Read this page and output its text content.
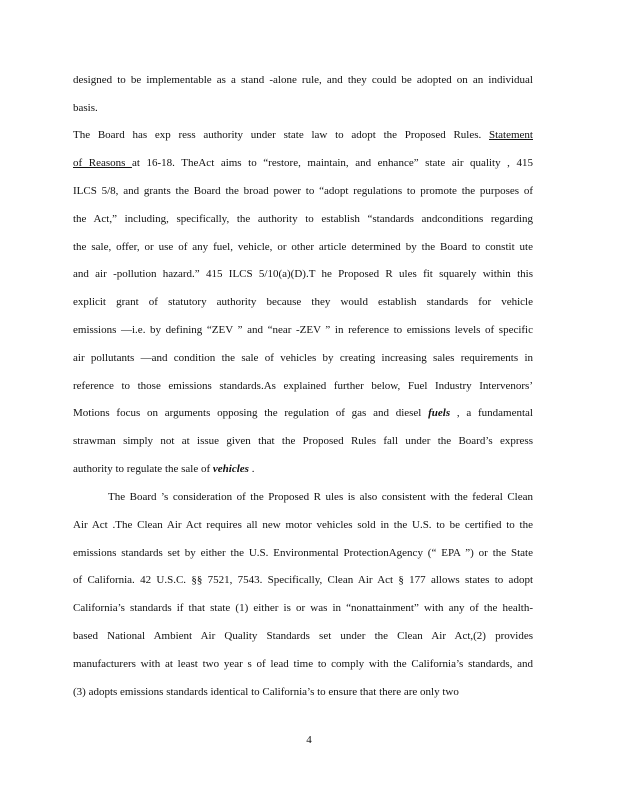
designed to be implementable as a stand -alone rule, and they could be adopted on an individual
basis.
The Board has exp ress authority under state law to adopt the Proposed Rules. Statement
of Reasons at 16-18. TheAct aims to “restore, maintain, and enhance” state air quality , 415
ILCS 5/8, and grants the Board the broad power to “adopt regulations to promote the purposes of
the Act,” including, specifically, the authority to establish “standards andconditions regarding
the sale, offer, or use of any fuel, vehicle, or other article determined by the Board to constit ute
and air -pollution hazard.” 415 ILCS 5/10(a)(D).T he Proposed R ules fit squarely within this
explicit grant of statutory authority because they would establish standards for vehicle
emissions —i.e. by defining “ZEV ” and “near -ZEV ” in reference to emissions levels of specific
air pollutants —and condition the sale of vehicles by creating increasing sales requirements in
reference to those emissions standards.As explained further below, Fuel Industry Intervenors’
Motions focus on arguments opposing the regulation of gas and diesel fuels , a fundamental
strawman simply not at issue given that the Proposed Rules fall under the Board’s express
authority to regulate the sale of vehicles .
The Board ’s consideration of the Proposed R ules is also consistent with the federal Clean
Air Act .The Clean Air Act requires all new motor vehicles sold in the U.S. to be certified to the
emissions standards set by either the U.S. Environmental ProtectionAgency (“ EPA ”) or the State
of California. 42 U.S.C. §§ 7521, 7543. Specifically, Clean Air Act § 177 allows states to adopt
California’s standards if that state (1) either is or was in “nonattainment” with any of the health-
based National Ambient Air Quality Standards set under the Clean Air Act,(2) provides
manufacturers with at least two year s of lead time to comply with the California’s standards, and
(3) adopts emissions standards identical to California’s to ensure that there are only two
4
